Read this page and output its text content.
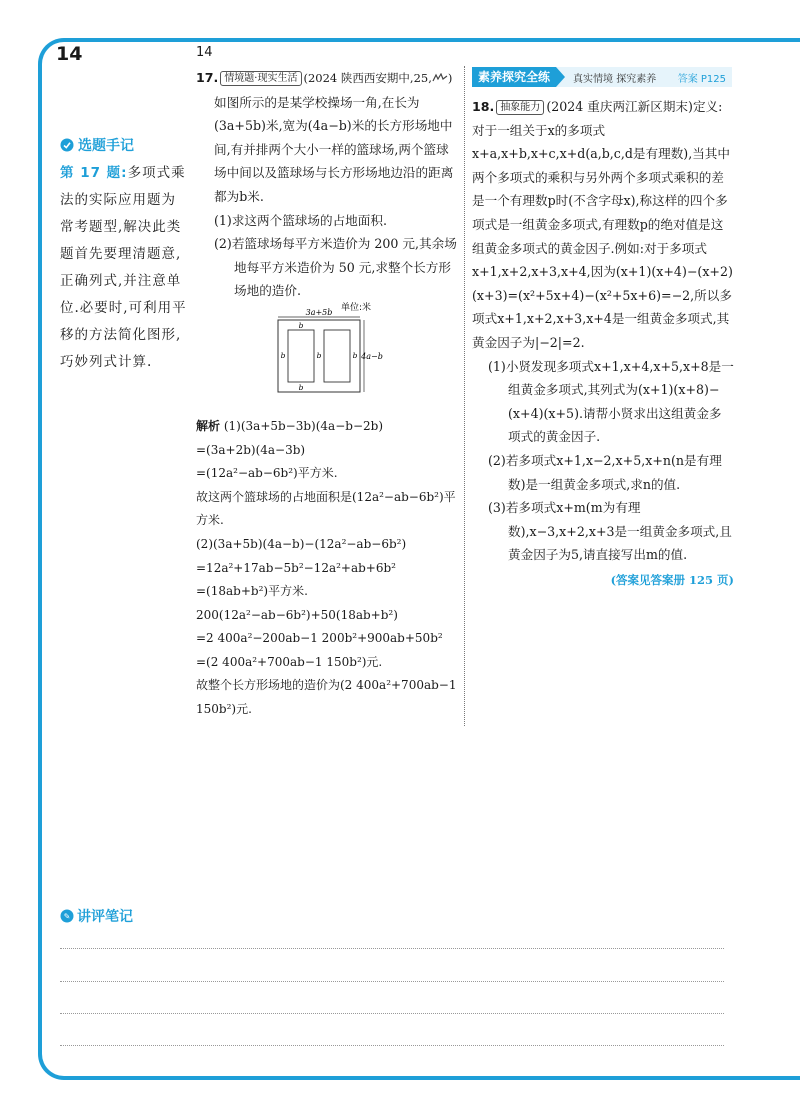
14	14
选题手记
第 17 题:多项式乘法的实际应用题为常考题型,解决此类题首先要理清题意,正确列式,并注意单位.必要时,可利用平移的方法简化图形,巧妙列式计算.

17. 情境题·现实生活 (2024 陕西西安期中,25, )

如图所示的是某学校操场一角,在长为(3a+5b)米,宽为(4a−b)米的长方形场地中间,有并排两个大小一样的篮球场,两个篮球场中间以及篮球场与长方形场地边沿的距离都为b米.

(1)求这两个篮球场的占地面积.

(2)若篮球场每平方米造价为 200 元,其余场地每平方米造价为 50 元,求整个长方形场地的造价.

解析 (1)(3a+5b−3b)(4a−b−2b)
=(3a+2b)(4a−3b)
=(12a²−ab−6b²)平方米.
故这两个篮球场的占地面积是(12a²−ab−6b²)平方米.
(2)(3a+5b)(4a−b)−(12a²−ab−6b²)
=12a²+17ab−5b²−12a²+ab+6b²
=(18ab+b²)平方米.
200(12a²−ab−6b²)+50(18ab+b²)
=2 400a²−200ab−1 200b²+900ab+50b²
=(2 400a²+700ab−1 150b²)元.
故整个长方形场地的造价为(2 400a²+700ab−1 150b²)元.
单位:米
3a+5b
4a−b
b
b	b	b
b
素养探究全练	真实情境 探究素养 答案 P125

18. 抽象能力 (2024 重庆两江新区期末)定义:对于一组关于x的多项式x+a,x+b,x+c,x+d(a,b,c,d是有理数),当其中两个多项式的乘积与另外两个多项式乘积的差是一个有理数p时(不含字母x),称这样的四个多项式是一组黄金多项式,有理数p的绝对值是这组黄金多项式的黄金因子.例如:对于多项式x+1,x+2,x+3,x+4,因为(x+1)(x+4)−(x+2)(x+3)=(x²+5x+4)−(x²+5x+6)=−2,所以多项式x+1,x+2,x+3,x+4是一组黄金多项式,其黄金因子为|−2|=2.

(1)小贤发现多项式x+1,x+4,x+5,x+8是一组黄金多项式,其列式为(x+1)(x+8)−(x+4)(x+5).请帮小贤求出这组黄金多项式的黄金因子.

(2)若多项式x+1,x−2,x+5,x+n(n是有理数)是一组黄金多项式,求n的值.

(3)若多项式x+m(m为有理数),x−3,x+2,x+3是一组黄金多项式,且黄金因子为5,请直接写出m的值.

(答案见答案册 125 页)
✎ 讲评笔记
